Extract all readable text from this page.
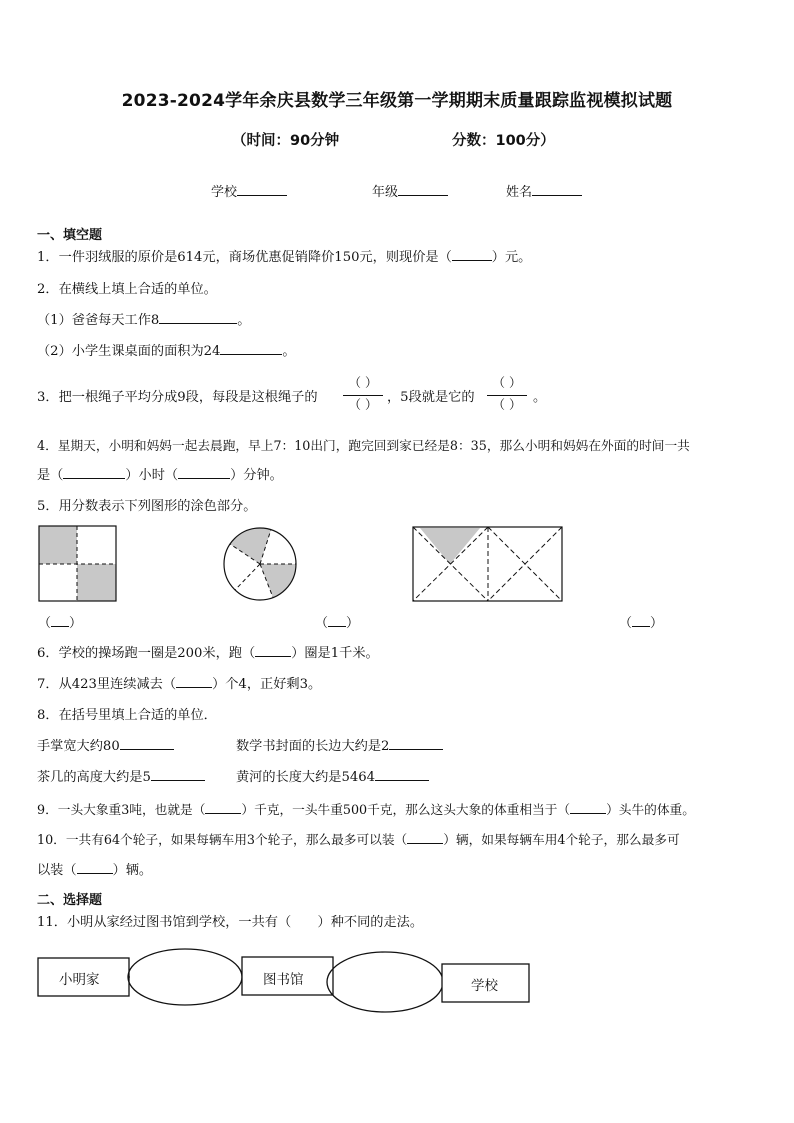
2023-2024学年余庆县数学三年级第一学期期末质量跟踪监视模拟试题
（时间：90分钟	分数：100分）
学校	年级	姓名
一、填空题
1．一件羽绒服的原价是614元，商场优惠促销降价150元，则现价是（	）元。
2．在横线上填上合适的单位。
（1）爸爸每天工作8	。
（2）小学生课桌面的面积为24	。
3．把一根绳子平均分成9段，每段是这根绳子的
（ ）
（ ） ，5段就是它的
（ ）
（ ） 。
4．星期天，小明和妈妈一起去晨跑，早上7：10出门，跑完回到家已经是8：35，那么小明和妈妈在外面的时间一共
是（	）小时（	）分钟。
5．用分数表示下列图形的涂色部分。
（ ）	（ ）	（ ）
6．学校的操场跑一圈是200米，跑（	）圈是1千米。
7．从423里连续减去（	）个4，正好剩3。
8．在括号里填上合适的单位．
手掌宽大约80	数学书封面的长边大约是2
茶几的高度大约是5	黄河的长度大约是5464
9．一头大象重3吨，也就是（	）千克，一头牛重500千克，那么这头大象的体重相当于（	）头牛的体重。
10．一共有64个轮子，如果每辆车用3个轮子，那么最多可以装（	）辆，如果每辆车用4个轮子，那么最多可
以装（	）辆。
二、选择题
11．小明从家经过图书馆到学校，一共有（　　）种不同的走法。
小明家	图书馆	学校
